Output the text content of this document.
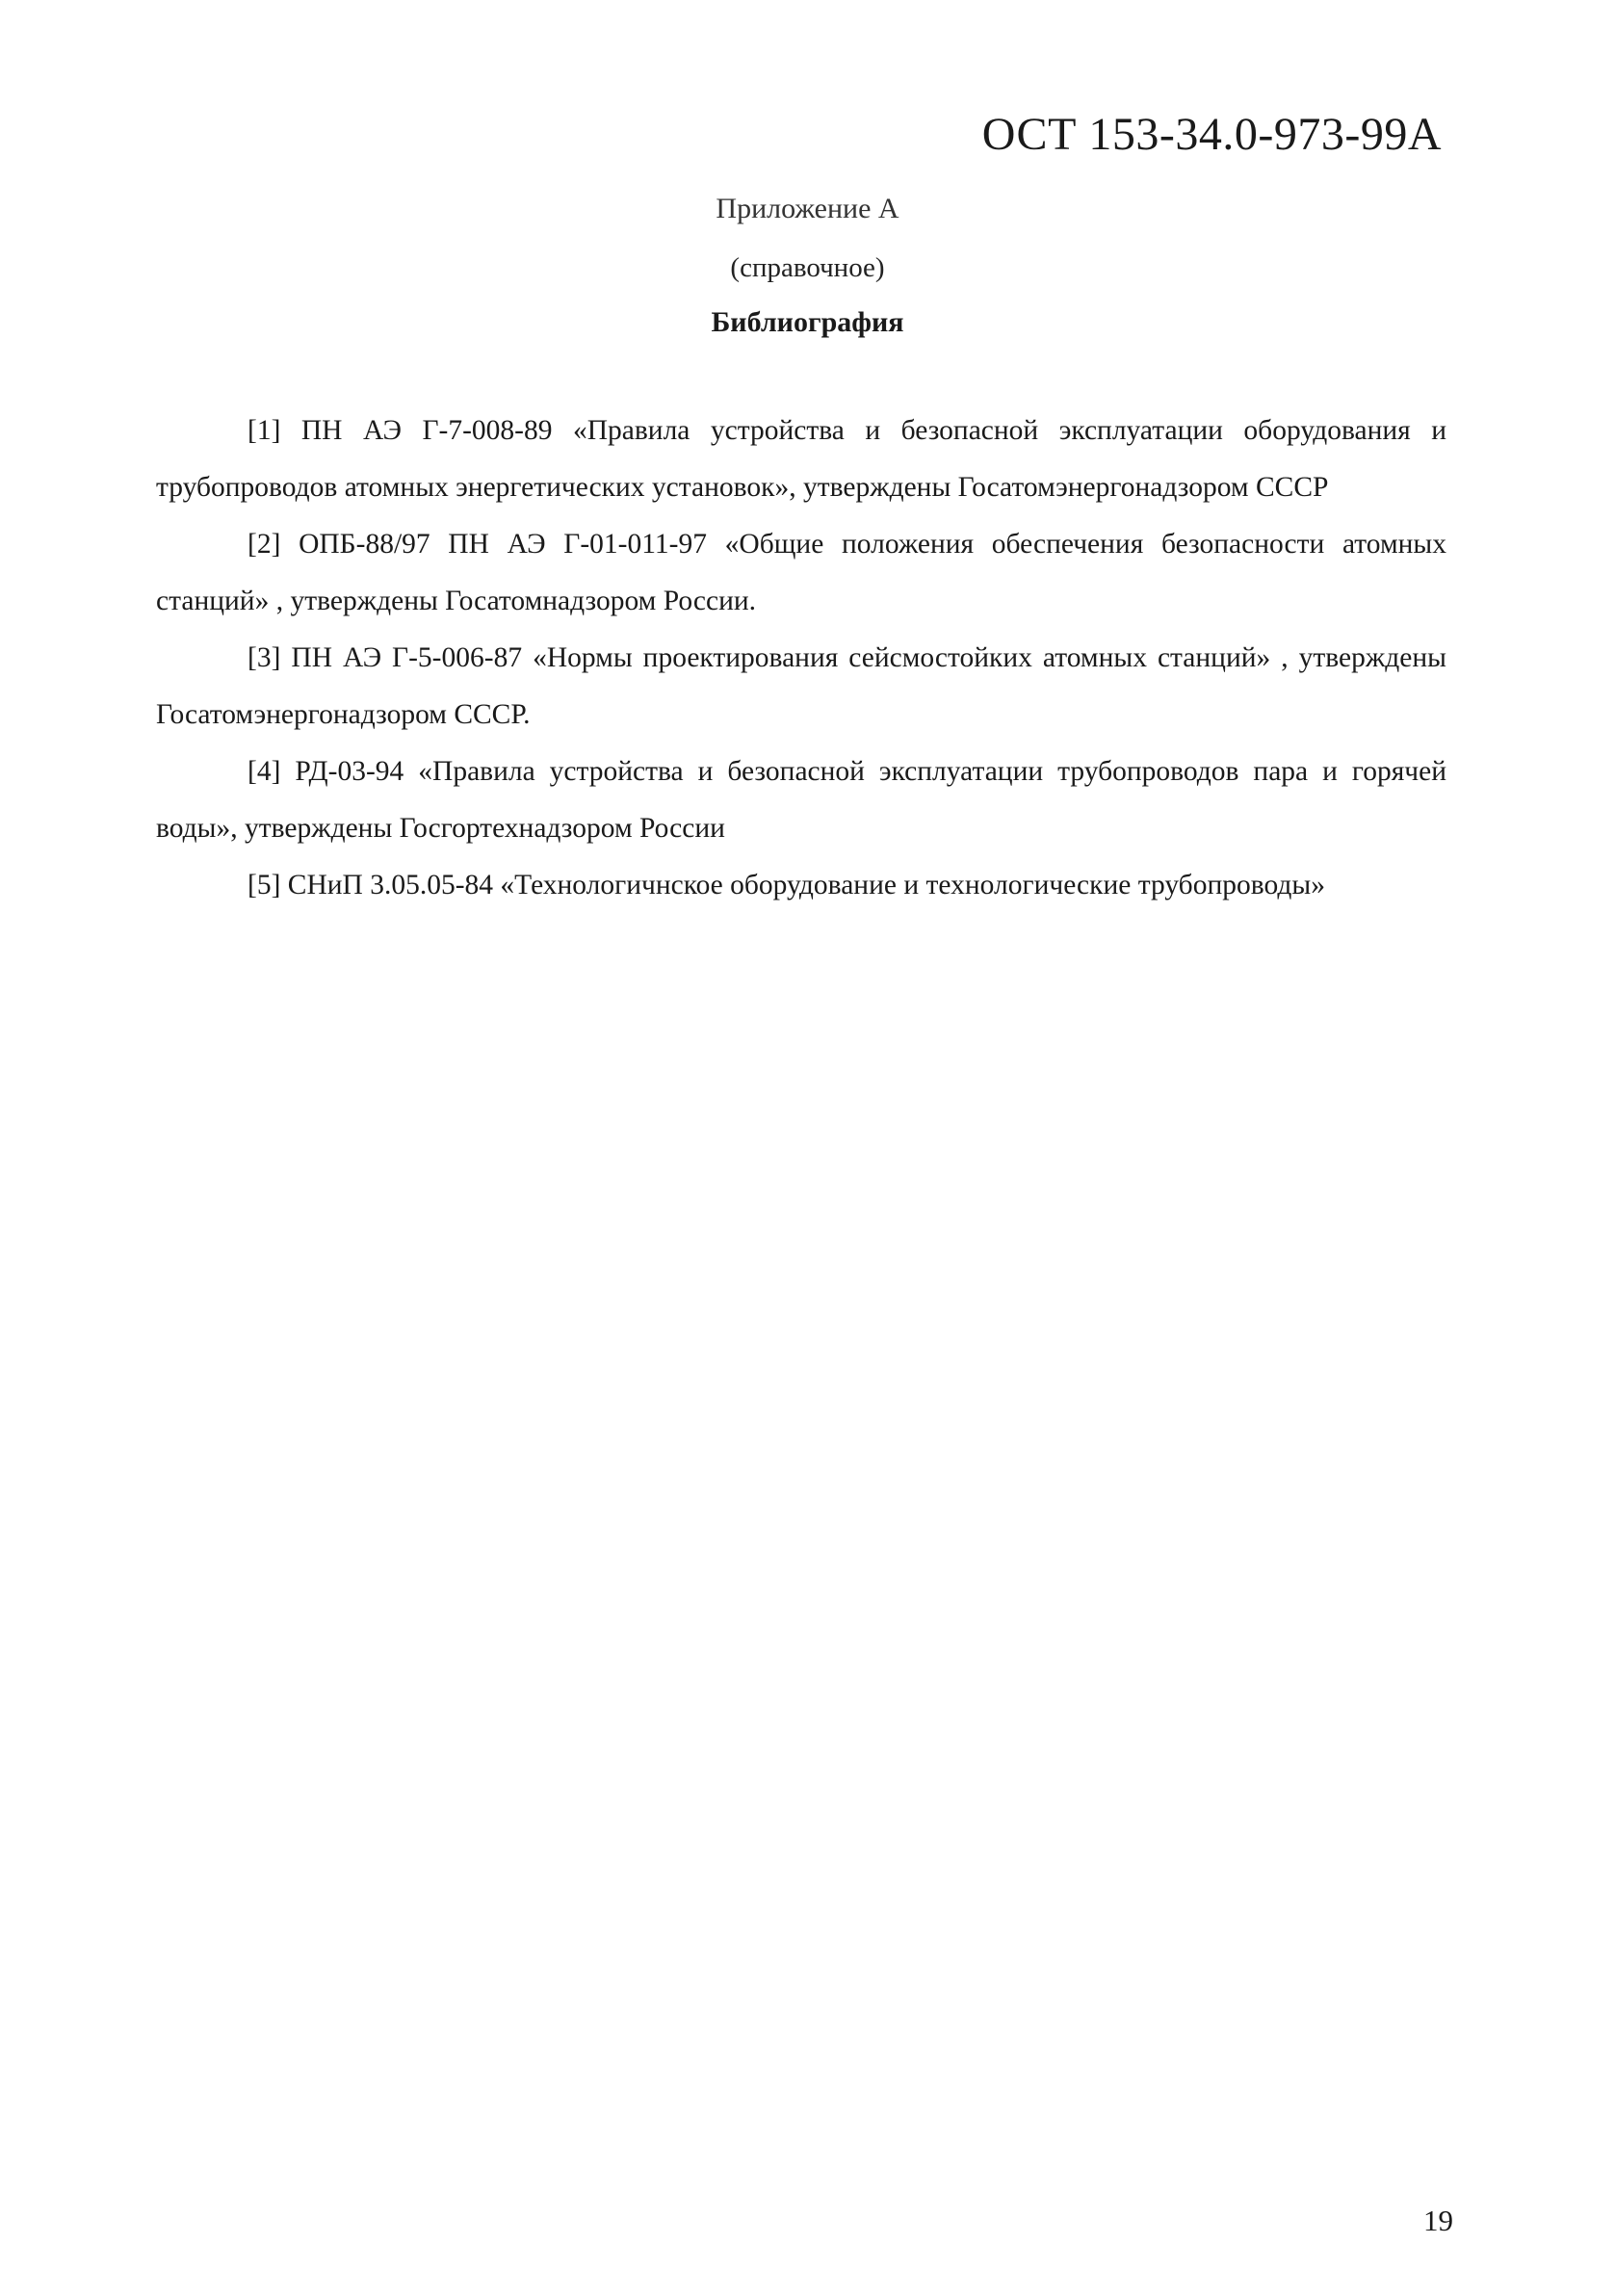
ОСТ 153-34.0-973-99А
Приложение А
(справочное)
Библиография

[1] ПН АЭ Г-7-008-89 «Правила устройства и безопасной эксплуатации оборудования и трубопроводов атомных энергетических установок», утверждены Госатомэнергонадзором СССР

[2] ОПБ-88/97 ПН АЭ Г-01-011-97 «Общие положения обеспечения безопасности атомных станций» , утверждены Госатомнадзором России.

[3] ПН АЭ Г-5-006-87 «Нормы проектирования сейсмостойких атомных станций» , утверждены Госатомэнергонадзором СССР.

[4] РД-03-94 «Правила устройства и безопасной эксплуатации трубопроводов пара и горячей воды», утверждены Госгортехнадзором России

[5] СНиП 3.05.05-84 «Технологичнское оборудование и технологические трубопроводы»

19
